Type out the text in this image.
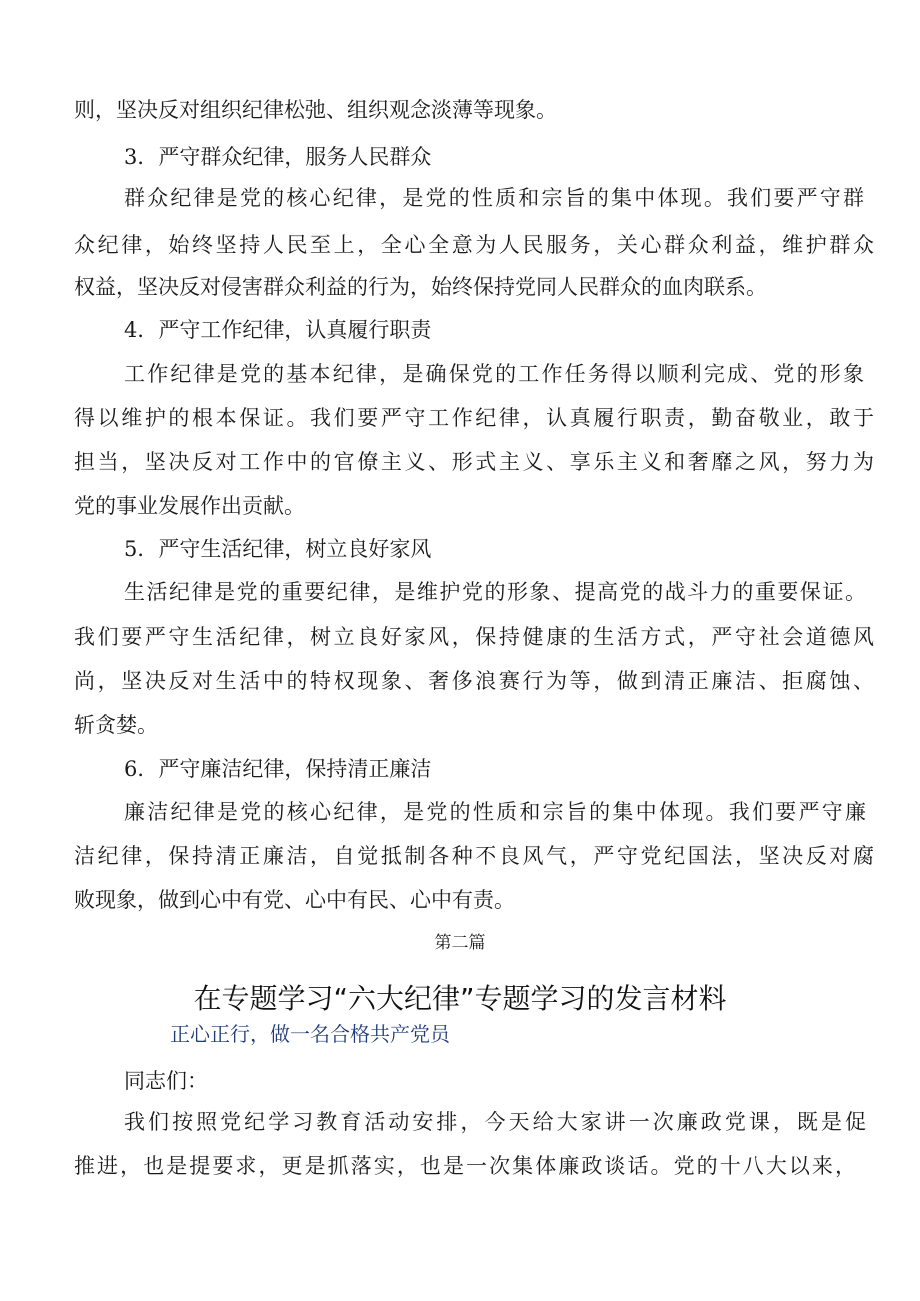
则，坚决反对组织纪律松弛、组织观念淡薄等现象。
3．严守群众纪律，服务人民群众
群众纪律是党的核心纪律，是党的性质和宗旨的集中体现。我们要严守群
众纪律，始终坚持人民至上，全心全意为人民服务，关心群众利益，维护群众
权益，坚决反对侵害群众利益的行为，始终保持党同人民群众的血肉联系。
4．严守工作纪律，认真履行职责
工作纪律是党的基本纪律，是确保党的工作任务得以顺利完成、党的形象
得以维护的根本保证。我们要严守工作纪律，认真履行职责，勤奋敬业，敢于
担当，坚决反对工作中的官僚主义、形式主义、享乐主义和奢靡之风，努力为
党的事业发展作出贡献。
5．严守生活纪律，树立良好家风
生活纪律是党的重要纪律，是维护党的形象、提高党的战斗力的重要保证。
我们要严守生活纪律，树立良好家风，保持健康的生活方式，严守社会道德风
尚，坚决反对生活中的特权现象、奢侈浪赛行为等，做到清正廉洁、拒腐蚀、
斩贪婪。
6．严守廉洁纪律，保持清正廉洁
廉洁纪律是党的核心纪律，是党的性质和宗旨的集中体现。我们要严守廉
洁纪律，保持清正廉洁，自觉抵制各种不良风气，严守党纪国法，坚决反对腐
败现象，做到心中有党、心中有民、心中有责。
第二篇
在专题学习“六大纪律”专题学习的发言材料
正心正行，做一名合格共产党员
同志们：
我们按照党纪学习教育活动安排，今天给大家讲一次廉政党课，既是促
推进，也是提要求，更是抓落实，也是一次集体廉政谈话。党的十八大以来，
